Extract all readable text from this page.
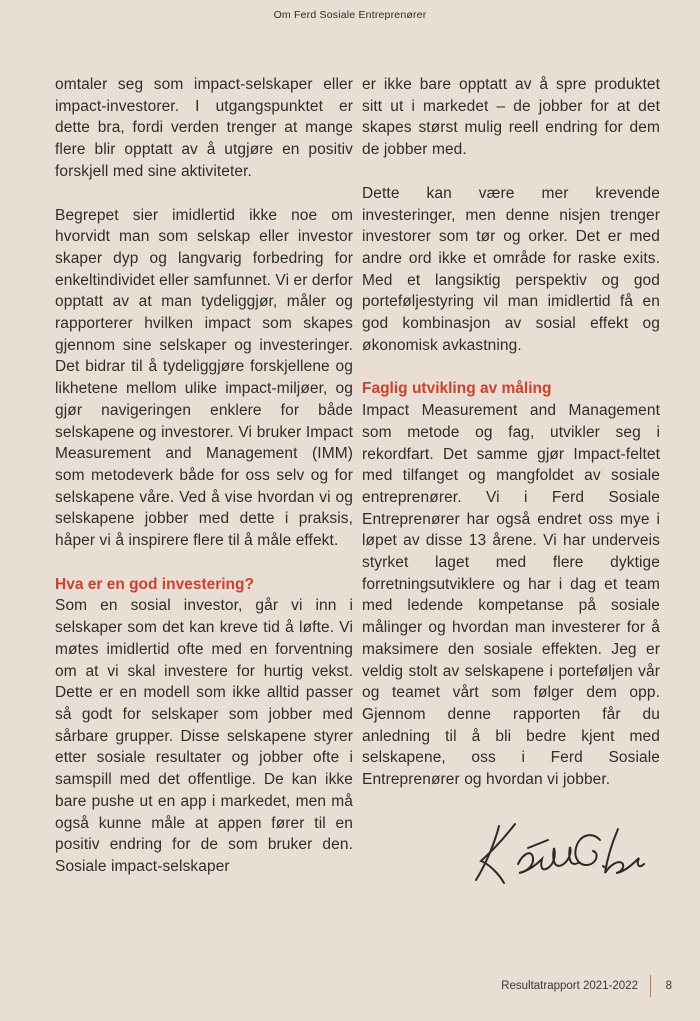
Om Ferd Sosiale Entreprenører

omtaler seg som impact-selskaper eller impact-investorer. I utgangspunktet er dette bra, fordi verden trenger at mange flere blir opptatt av å utgjøre en positiv forskjell med sine aktiviteter.

Begrepet sier imidlertid ikke noe om hvorvidt man som selskap eller investor skaper dyp og langvarig forbedring for enkeltindividet eller samfunnet. Vi er derfor opptatt av at man tydeliggjør, måler og rapporterer hvilken impact som skapes gjennom sine selskaper og investeringer. Det bidrar til å tydeliggjøre forskjellene og likhetene mellom ulike impact-miljøer, og gjør navigeringen enklere for både selskapene og investorer. Vi bruker Impact Measurement and Management (IMM) som metodeverk både for oss selv og for selskapene våre. Ved å vise hvordan vi og selskapene jobber med dette i praksis, håper vi å inspirere flere til å måle effekt.

Hva er en god investering?

Som en sosial investor, går vi inn i selskaper som det kan kreve tid å løfte. Vi møtes imidlertid ofte med en forventning om at vi skal investere for hurtig vekst. Dette er en modell som ikke alltid passer så godt for selskaper som jobber med sårbare grupper. Disse selskapene styrer etter sosiale resultater og jobber ofte i samspill med det offentlige. De kan ikke bare pushe ut en app i markedet, men må også kunne måle at appen fører til en positiv endring for de som bruker den. Sosiale impact-selskaper

er ikke bare opptatt av å spre produktet sitt ut i markedet – de jobber for at det skapes størst mulig reell endring for dem de jobber med.

Dette kan være mer krevende investeringer, men denne nisjen trenger investorer som tør og orker. Det er med andre ord ikke et område for raske exits. Med et langsiktig perspektiv og god porteføljestyring vil man imidlertid få en god kombinasjon av sosial effekt og økonomisk avkastning.

Faglig utvikling av måling

Impact Measurement and Management som metode og fag, utvikler seg i rekordfart. Det samme gjør Impact-feltet med tilfanget og mangfoldet av sosiale entreprenører. Vi i Ferd Sosiale Entreprenører har også endret oss mye i løpet av disse 13 årene. Vi har underveis styrket laget med flere dyktige forretningsutviklere og har i dag et team med ledende kompetanse på sosiale målinger og hvordan man investerer for å maksimere den sosiale effekten. Jeg er veldig stolt av selskapene i porteføljen vår og teamet vårt som følger dem opp. Gjennom denne rapporten får du anledning til å bli bedre kjent med selskapene, oss i Ferd Sosiale Entreprenører og hvordan vi jobber.

Resultatrapport 2021-2022	8
